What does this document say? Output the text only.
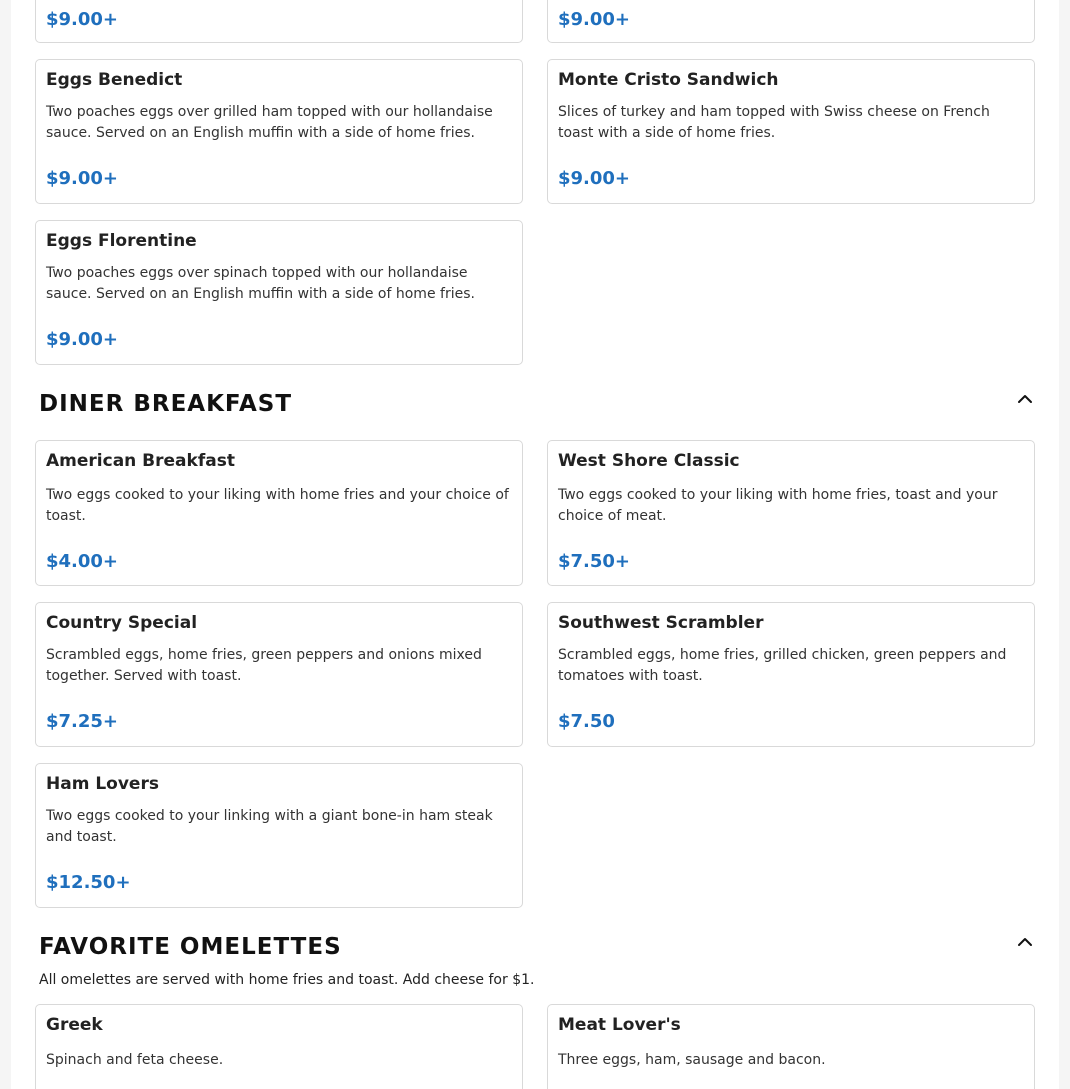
$9.00+	$9.00+
Eggs Benedict
Two poaches eggs over grilled ham topped with our hollandaise sauce. Served on an English muffin with a side of home fries.
$9.00+
Monte Cristo Sandwich
Slices of turkey and ham topped with Swiss cheese on French toast with a side of home fries.
$9.00+
Eggs Florentine
Two poaches eggs over spinach topped with our hollandaise sauce. Served on an English muffin with a side of home fries.
$9.00+
DINER BREAKFAST
American Breakfast
Two eggs cooked to your liking with home fries and your choice of toast.
$4.00+
West Shore Classic
Two eggs cooked to your liking with home fries, toast and your choice of meat.
$7.50+
Country Special
Scrambled eggs, home fries, green peppers and onions mixed together. Served with toast.
$7.25+
Southwest Scrambler
Scrambled eggs, home fries, grilled chicken, green peppers and tomatoes with toast.
$7.50
Ham Lovers
Two eggs cooked to your linking with a giant bone-in ham steak and toast.
$12.50+
FAVORITE OMELETTES
All omelettes are served with home fries and toast. Add cheese for $1.
Greek
Spinach and feta cheese.
Meat Lover's
Three eggs, ham, sausage and bacon.
